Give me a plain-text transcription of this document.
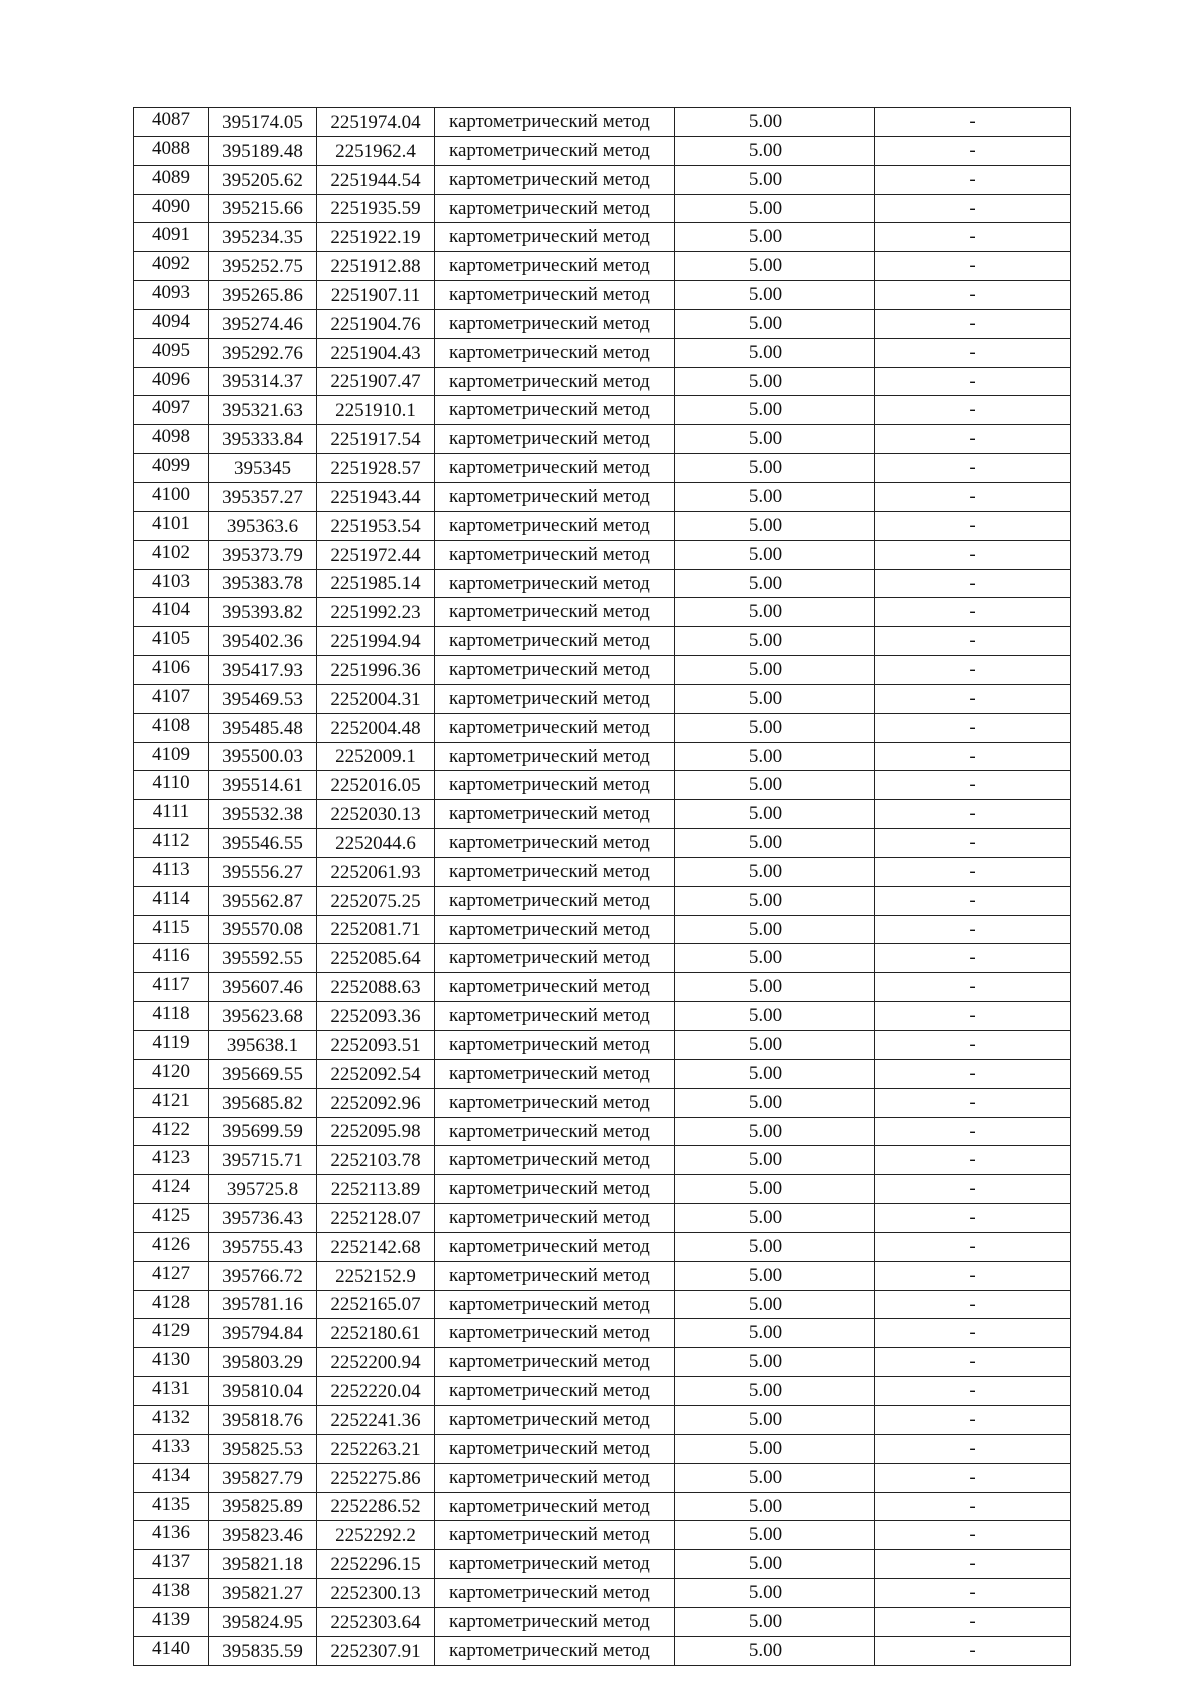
4087	395174.05	2251974.04	картометрический метод	5.00	-
4088	395189.48	2251962.4	картометрический метод	5.00	-
4089	395205.62	2251944.54	картометрический метод	5.00	-
4090	395215.66	2251935.59	картометрический метод	5.00	-
4091	395234.35	2251922.19	картометрический метод	5.00	-
4092	395252.75	2251912.88	картометрический метод	5.00	-
4093	395265.86	2251907.11	картометрический метод	5.00	-
4094	395274.46	2251904.76	картометрический метод	5.00	-
4095	395292.76	2251904.43	картометрический метод	5.00	-
4096	395314.37	2251907.47	картометрический метод	5.00	-
4097	395321.63	2251910.1	картометрический метод	5.00	-
4098	395333.84	2251917.54	картометрический метод	5.00	-
4099	395345	2251928.57	картометрический метод	5.00	-
4100	395357.27	2251943.44	картометрический метод	5.00	-
4101	395363.6	2251953.54	картометрический метод	5.00	-
4102	395373.79	2251972.44	картометрический метод	5.00	-
4103	395383.78	2251985.14	картометрический метод	5.00	-
4104	395393.82	2251992.23	картометрический метод	5.00	-
4105	395402.36	2251994.94	картометрический метод	5.00	-
4106	395417.93	2251996.36	картометрический метод	5.00	-
4107	395469.53	2252004.31	картометрический метод	5.00	-
4108	395485.48	2252004.48	картометрический метод	5.00	-
4109	395500.03	2252009.1	картометрический метод	5.00	-
4110	395514.61	2252016.05	картометрический метод	5.00	-
4111	395532.38	2252030.13	картометрический метод	5.00	-
4112	395546.55	2252044.6	картометрический метод	5.00	-
4113	395556.27	2252061.93	картометрический метод	5.00	-
4114	395562.87	2252075.25	картометрический метод	5.00	-
4115	395570.08	2252081.71	картометрический метод	5.00	-
4116	395592.55	2252085.64	картометрический метод	5.00	-
4117	395607.46	2252088.63	картометрический метод	5.00	-
4118	395623.68	2252093.36	картометрический метод	5.00	-
4119	395638.1	2252093.51	картометрический метод	5.00	-
4120	395669.55	2252092.54	картометрический метод	5.00	-
4121	395685.82	2252092.96	картометрический метод	5.00	-
4122	395699.59	2252095.98	картометрический метод	5.00	-
4123	395715.71	2252103.78	картометрический метод	5.00	-
4124	395725.8	2252113.89	картометрический метод	5.00	-
4125	395736.43	2252128.07	картометрический метод	5.00	-
4126	395755.43	2252142.68	картометрический метод	5.00	-
4127	395766.72	2252152.9	картометрический метод	5.00	-
4128	395781.16	2252165.07	картометрический метод	5.00	-
4129	395794.84	2252180.61	картометрический метод	5.00	-
4130	395803.29	2252200.94	картометрический метод	5.00	-
4131	395810.04	2252220.04	картометрический метод	5.00	-
4132	395818.76	2252241.36	картометрический метод	5.00	-
4133	395825.53	2252263.21	картометрический метод	5.00	-
4134	395827.79	2252275.86	картометрический метод	5.00	-
4135	395825.89	2252286.52	картометрический метод	5.00	-
4136	395823.46	2252292.2	картометрический метод	5.00	-
4137	395821.18	2252296.15	картометрический метод	5.00	-
4138	395821.27	2252300.13	картометрический метод	5.00	-
4139	395824.95	2252303.64	картометрический метод	5.00	-
4140	395835.59	2252307.91	картометрический метод	5.00	-
